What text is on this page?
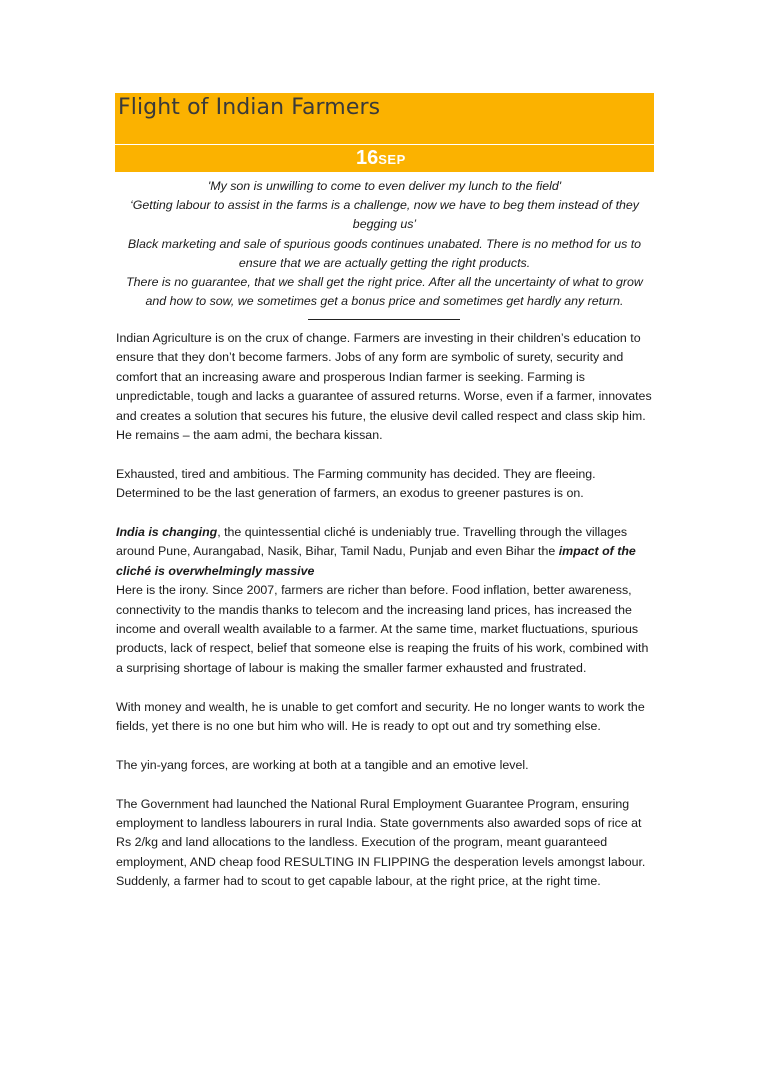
Flight of Indian Farmers
16SEP

'My son is unwilling to come to even deliver my lunch to the field'

‘Getting labour to assist in the farms is a challenge, now we have to beg them instead of they begging us’

Black marketing and sale of spurious goods continues unabated. There is no method for us to ensure that we are actually getting the right products.

There is no guarantee, that we shall get the right price. After all the uncertainty of what to grow and how to sow, we sometimes get a bonus price and sometimes get hardly any return.

Indian Agriculture is on the crux of change. Farmers are investing in their children’s education to ensure that they don’t become farmers. Jobs of any form are symbolic of surety, security and comfort that an increasing aware and prosperous Indian farmer is seeking. Farming is unpredictable, tough and lacks a guarantee of assured returns. Worse, even if a farmer, innovates and creates a solution that secures his future, the elusive devil called respect and class skip him. He remains – the aam admi, the bechara kissan.

Exhausted, tired and ambitious. The Farming community has decided. They are fleeing. Determined to be the last generation of farmers, an exodus to greener pastures is on.

India is changing, the quintessential cliché is undeniably true. Travelling through the villages around Pune, Aurangabad, Nasik, Bihar, Tamil Nadu, Punjab and even Bihar the impact of the cliché is overwhelmingly massive

Here is the irony. Since 2007, farmers are richer than before. Food inflation, better awareness, connectivity to the mandis thanks to telecom and the increasing land prices, has increased the income and overall wealth available to a farmer. At the same time, market fluctuations, spurious products, lack of respect, belief that someone else is reaping the fruits of his work, combined with a surprising shortage of labour is making the smaller farmer exhausted and frustrated.

With money and wealth, he is unable to get comfort and security. He no longer wants to work the fields, yet there is no one but him who will. He is ready to opt out and try something else.

The yin-yang forces, are working at both at a tangible and an emotive level.

The Government had launched the National Rural Employment Guarantee Program, ensuring employment to landless labourers in rural India. State governments also awarded sops of rice at Rs 2/kg and land allocations to the landless. Execution of the program, meant guaranteed employment, AND cheap food RESULTING IN FLIPPING the desperation levels amongst labour. Suddenly, a farmer had to scout to get capable labour, at the right price, at the right time.
